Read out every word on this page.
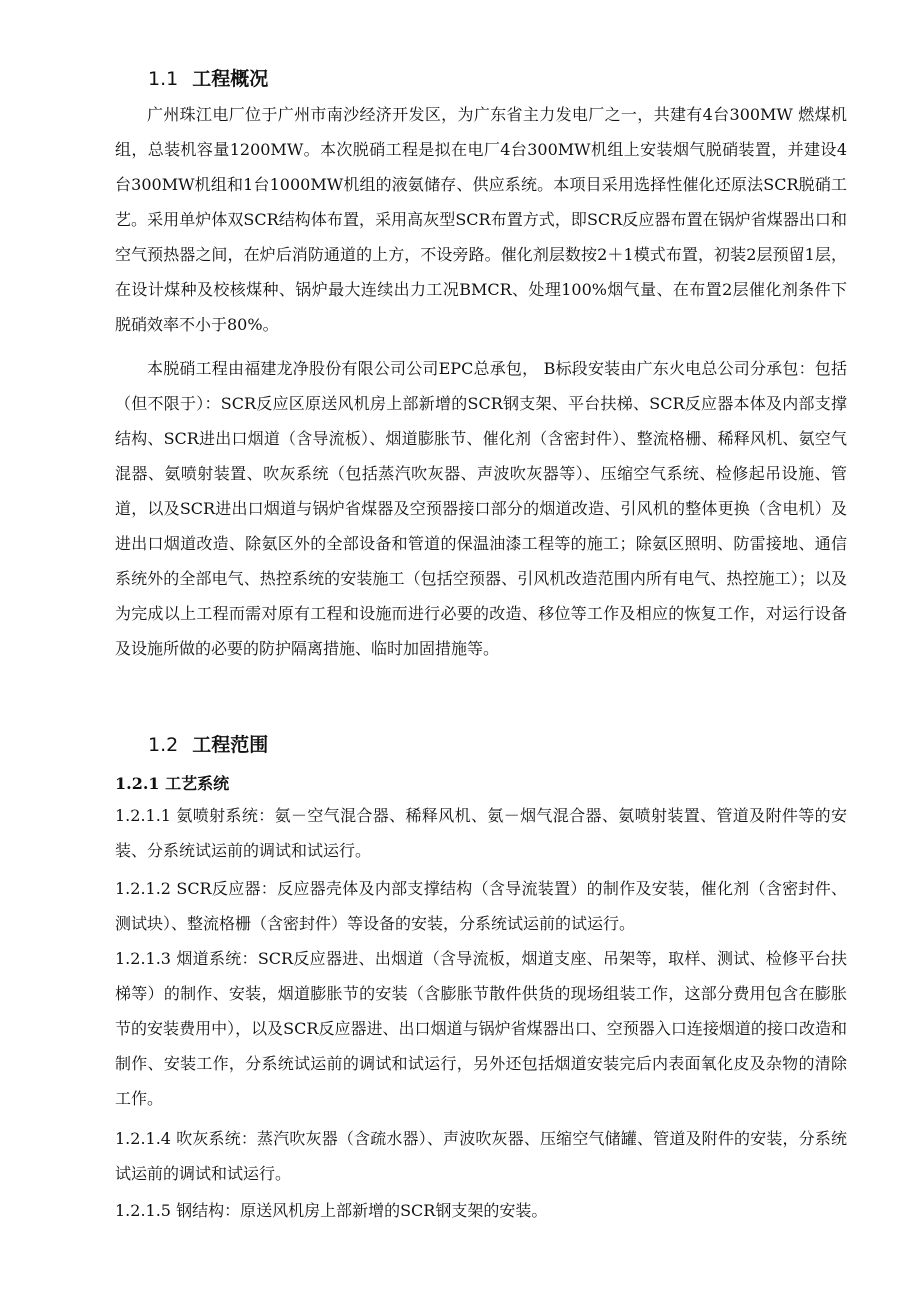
1.1 工程概况

广州珠江电厂位于广州市南沙经济开发区，为广东省主力发电厂之一，共建有4台300MW 燃煤机组，总装机容量1200MW。本次脱硝工程是拟在电厂4台300MW机组上安装烟气脱硝装置，并建设4台300MW机组和1台1000MW机组的液氨储存、供应系统。本项目采用选择性催化还原法SCR脱硝工艺。采用单炉体双SCR结构体布置，采用高灰型SCR布置方式，即SCR反应器布置在锅炉省煤器出口和空气预热器之间，在炉后消防通道的上方，不设旁路。催化剂层数按2＋1模式布置，初装2层预留1层，在设计煤种及校核煤种、锅炉最大连续出力工况BMCR、处理100%烟气量、在布置2层催化剂条件下脱硝效率不小于80%。

本脱硝工程由福建龙净股份有限公司公司EPC总承包， B标段安装由广东火电总公司分承包：包括（但不限于）：SCR反应区原送风机房上部新增的SCR钢支架、平台扶梯、SCR反应器本体及内部支撑结构、SCR进出口烟道（含导流板）、烟道膨胀节、催化剂（含密封件）、整流格栅、稀释风机、氨空气混器、氨喷射装置、吹灰系统（包括蒸汽吹灰器、声波吹灰器等）、压缩空气系统、检修起吊设施、管道，以及SCR进出口烟道与锅炉省煤器及空预器接口部分的烟道改造、引风机的整体更换（含电机）及进出口烟道改造、除氨区外的全部设备和管道的保温油漆工程等的施工；除氨区照明、防雷接地、通信系统外的全部电气、热控系统的安装施工（包括空预器、引风机改造范围内所有电气、热控施工）；以及为完成以上工程而需对原有工程和设施而进行必要的改造、移位等工作及相应的恢复工作，对运行设备及设施所做的必要的防护隔离措施、临时加固措施等。

1.2 工程范围
1.2.1 工艺系统

1.2.1.1 氨喷射系统：氨－空气混合器、稀释风机、氨－烟气混合器、氨喷射装置、管道及附件等的安装、分系统试运前的调试和试运行。

1.2.1.2 SCR反应器：反应器壳体及内部支撑结构（含导流装置）的制作及安装，催化剂（含密封件、测试块）、整流格栅（含密封件）等设备的安装，分系统试运前的试运行。

1.2.1.3 烟道系统：SCR反应器进、出烟道（含导流板，烟道支座、吊架等，取样、测试、检修平台扶梯等）的制作、安装，烟道膨胀节的安装（含膨胀节散件供货的现场组装工作，这部分费用包含在膨胀节的安装费用中），以及SCR反应器进、出口烟道与锅炉省煤器出口、空预器入口连接烟道的接口改造和制作、安装工作，分系统试运前的调试和试运行，另外还包括烟道安装完后内表面氧化皮及杂物的清除工作。

1.2.1.4 吹灰系统：蒸汽吹灰器（含疏水器）、声波吹灰器、压缩空气储罐、管道及附件的安装，分系统试运前的调试和试运行。

1.2.1.5 钢结构：原送风机房上部新增的SCR钢支架的安装。
